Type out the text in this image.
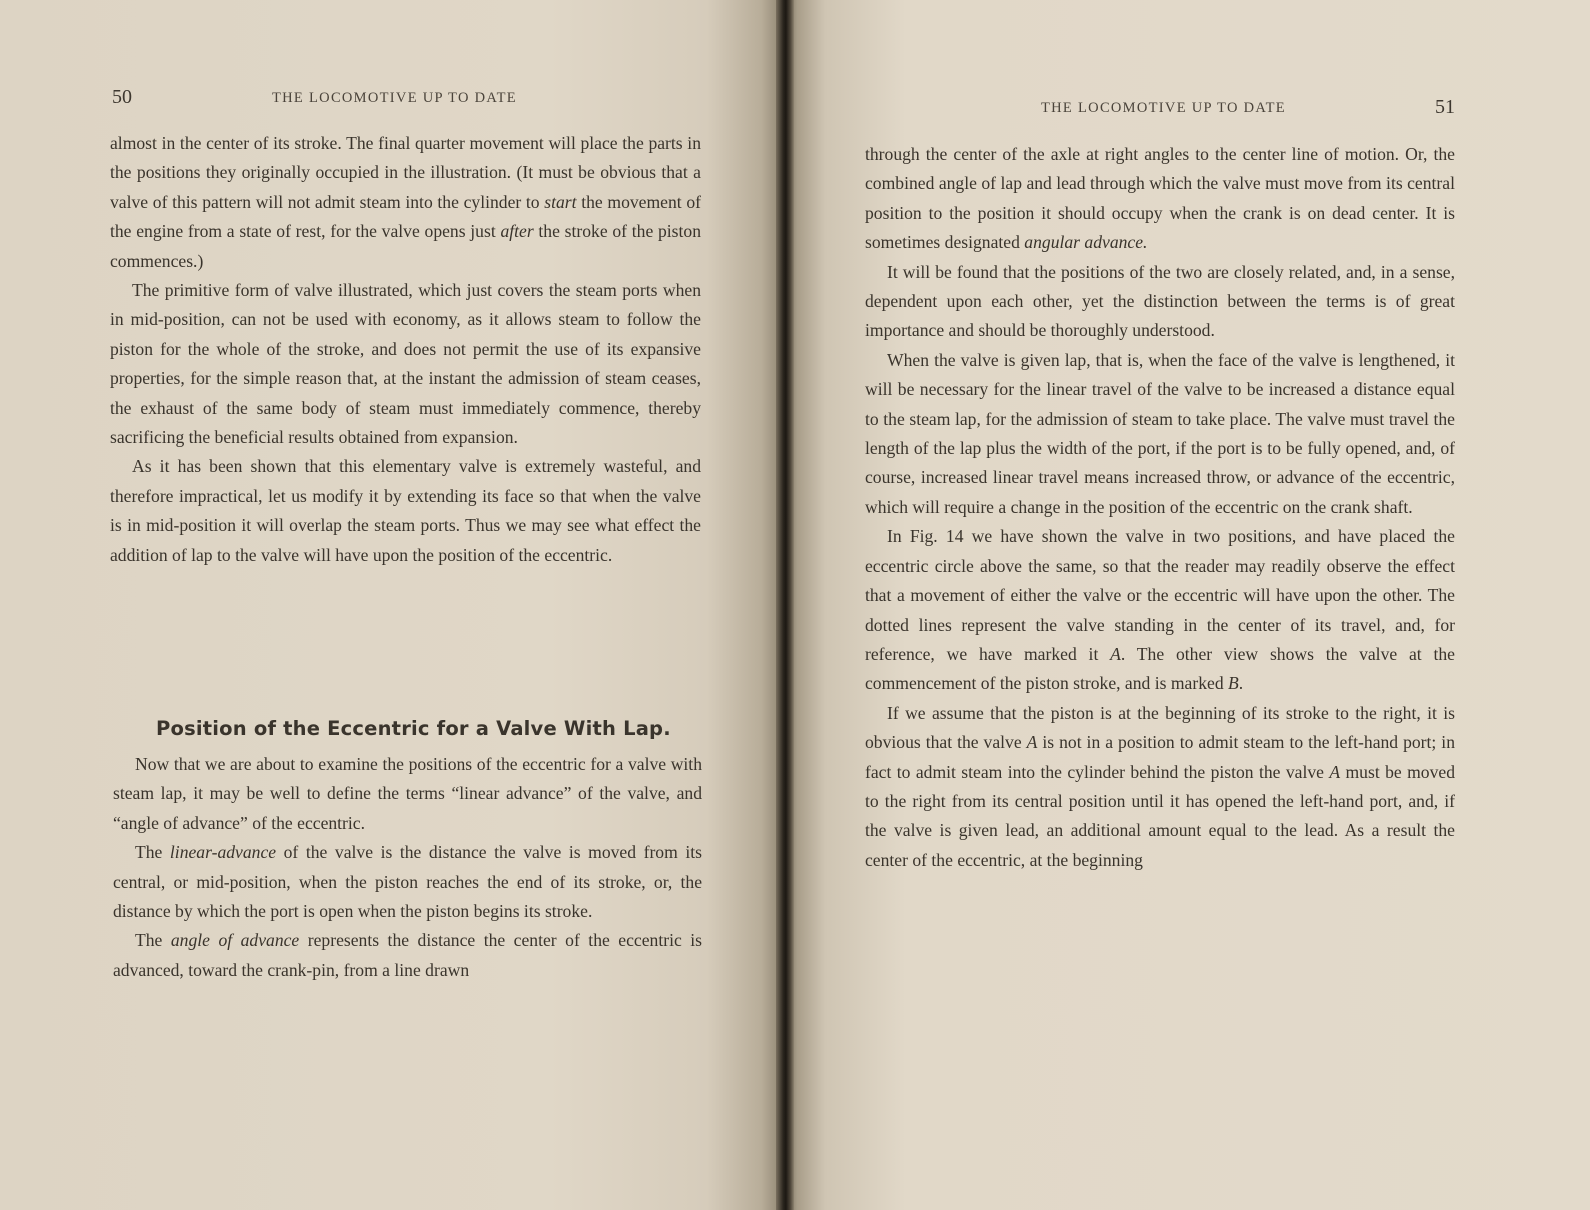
50	THE LOCOMOTIVE UP TO DATE

almost in the center of its stroke. The final quarter movement will place the parts in the positions they originally occupied in the illustration. (It must be obvious that a valve of this pattern will not admit steam into the cylinder to start the movement of the engine from a state of rest, for the valve opens just after the stroke of the piston commences.)

The primitive form of valve illustrated, which just covers the steam ports when in mid-position, can not be used with economy, as it allows steam to follow the piston for the whole of the stroke, and does not permit the use of its expansive properties, for the simple reason that, at the instant the admission of steam ceases, the exhaust of the same body of steam must immediately commence, thereby sacrificing the beneficial results obtained from expansion.

As it has been shown that this elementary valve is extremely wasteful, and therefore impractical, let us modify it by extending its face so that when the valve is in mid-position it will overlap the steam ports. Thus we may see what effect the addition of lap to the valve will have upon the position of the eccentric.

Position of the Eccentric for a Valve With Lap.

Now that we are about to examine the positions of the eccentric for a valve with steam lap, it may be well to define the terms “linear advance” of the valve, and “angle of advance” of the eccentric.

The linear-advance of the valve is the distance the valve is moved from its central, or mid-position, when the piston reaches the end of its stroke, or, the distance by which the port is open when the piston begins its stroke.

The angle of advance represents the distance the center of the eccentric is advanced, toward the crank-pin, from a line drawn

THE LOCOMOTIVE UP TO DATE	51

through the center of the axle at right angles to the center line of motion. Or, the combined angle of lap and lead through which the valve must move from its central position to the position it should occupy when the crank is on dead center. It is sometimes designated angular advance.

It will be found that the positions of the two are closely related, and, in a sense, dependent upon each other, yet the distinction between the terms is of great importance and should be thoroughly understood.

When the valve is given lap, that is, when the face of the valve is lengthened, it will be necessary for the linear travel of the valve to be increased a distance equal to the steam lap, for the admission of steam to take place. The valve must travel the length of the lap plus the width of the port, if the port is to be fully opened, and, of course, increased linear travel means increased throw, or advance of the eccentric, which will require a change in the position of the eccentric on the crank shaft.

In Fig. 14 we have shown the valve in two positions, and have placed the eccentric circle above the same, so that the reader may readily observe the effect that a movement of either the valve or the eccentric will have upon the other. The dotted lines represent the valve standing in the center of its travel, and, for reference, we have marked it A. The other view shows the valve at the commencement of the piston stroke, and is marked B.

If we assume that the piston is at the beginning of its stroke to the right, it is obvious that the valve A is not in a position to admit steam to the left-hand port; in fact to admit steam into the cylinder behind the piston the valve A must be moved to the right from its central position until it has opened the left-hand port, and, if the valve is given lead, an additional amount equal to the lead. As a result the center of the eccentric, at the beginning
